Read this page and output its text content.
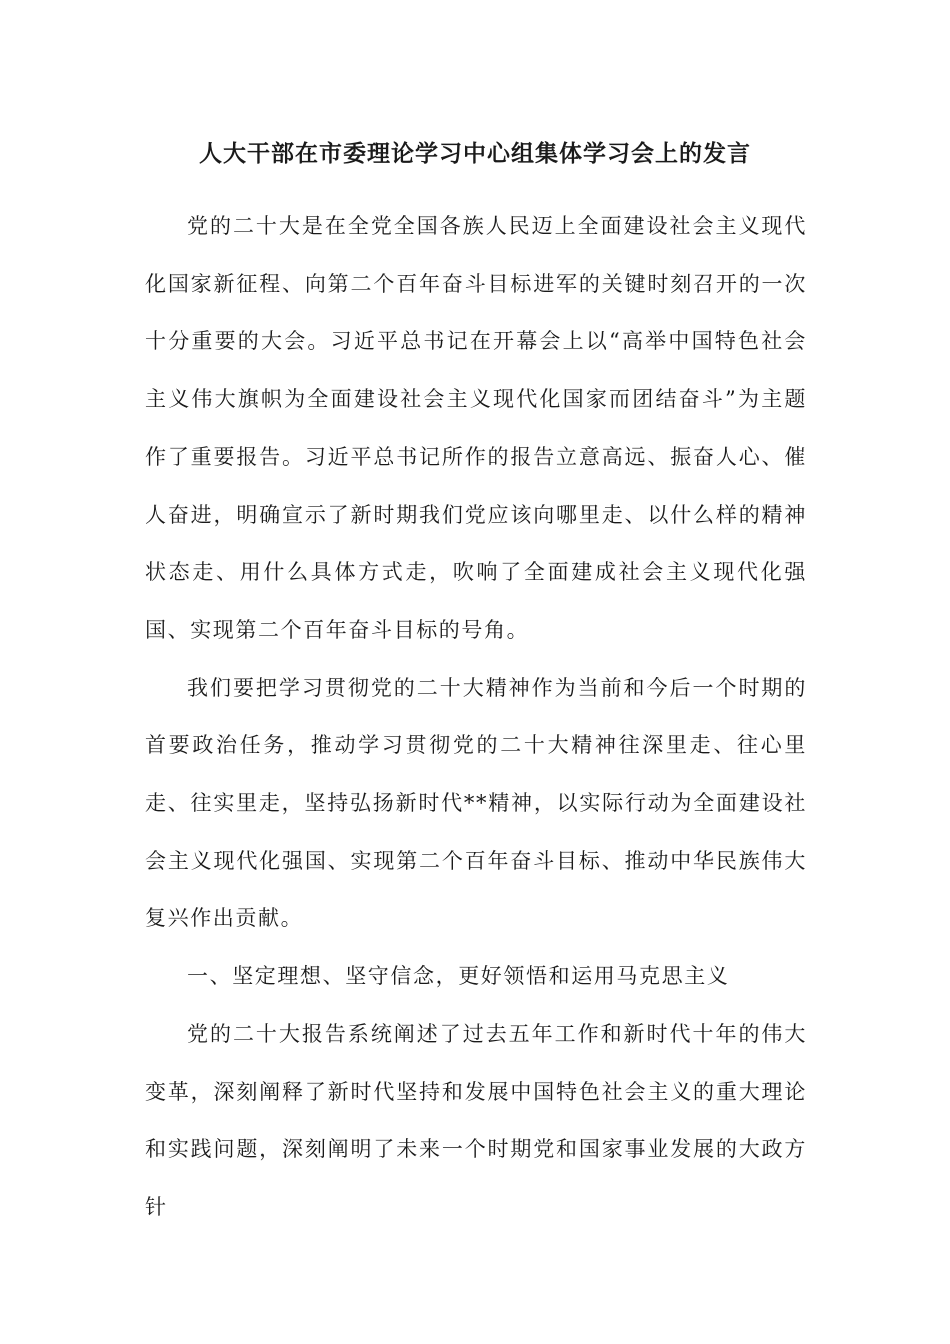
人大干部在市委理论学习中心组集体学习会上的发言

党的二十大是在全党全国各族人民迈上全面建设社会主义现代化国家新征程、向第二个百年奋斗目标进军的关键时刻召开的一次十分重要的大会。习近平总书记在开幕会上以“高举中国特色社会主义伟大旗帜为全面建设社会主义现代化国家而团结奋斗”为主题作了重要报告。习近平总书记所作的报告立意高远、振奋人心、催人奋进，明确宣示了新时期我们党应该向哪里走、以什么样的精神状态走、用什么具体方式走，吹响了全面建成社会主义现代化强国、实现第二个百年奋斗目标的号角。

我们要把学习贯彻党的二十大精神作为当前和今后一个时期的首要政治任务，推动学习贯彻党的二十大精神往深里走、往心里走、往实里走，坚持弘扬新时代**精神，以实际行动为全面建设社会主义现代化强国、实现第二个百年奋斗目标、推动中华民族伟大复兴作出贡献。

一、坚定理想、坚守信念，更好领悟和运用马克思主义

党的二十大报告系统阐述了过去五年工作和新时代十年的伟大变革，深刻阐释了新时代坚持和发展中国特色社会主义的重大理论和实践问题，深刻阐明了未来一个时期党和国家事业发展的大政方针
